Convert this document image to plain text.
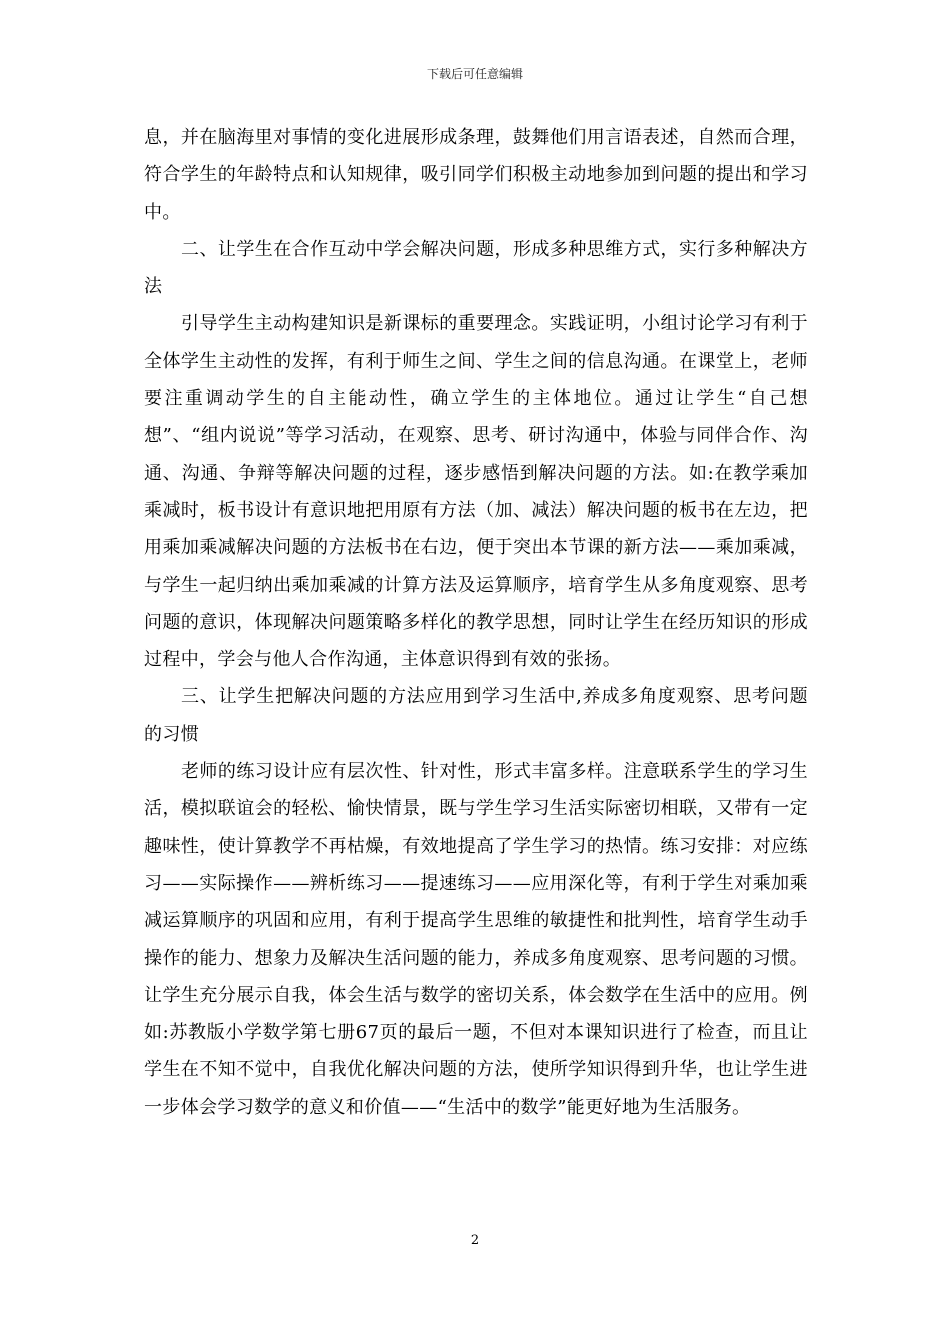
下载后可任意编辑

息，并在脑海里对事情的变化进展形成条理，鼓舞他们用言语表述，自然而合理，符合学生的年龄特点和认知规律，吸引同学们积极主动地参加到问题的提出和学习中。

二、让学生在合作互动中学会解决问题，形成多种思维方式，实行多种解决方法

引导学生主动构建知识是新课标的重要理念。实践证明，小组讨论学习有利于全体学生主动性的发挥，有利于师生之间、学生之间的信息沟通。在课堂上，老师要注重调动学生的自主能动性，确立学生的主体地位。通过让学生“自己想想”、“组内说说”等学习活动，在观察、思考、研讨沟通中，体验与同伴合作、沟通、沟通、争辩等解决问题的过程，逐步感悟到解决问题的方法。如:在教学乘加乘减时，板书设计有意识地把用原有方法（加、减法）解决问题的板书在左边，把用乘加乘减解决问题的方法板书在右边，便于突出本节课的新方法——乘加乘减，与学生一起归纳出乘加乘减的计算方法及运算顺序，培育学生从多角度观察、思考问题的意识，体现解决问题策略多样化的教学思想，同时让学生在经历知识的形成过程中，学会与他人合作沟通，主体意识得到有效的张扬。

三、让学生把解决问题的方法应用到学习生活中,养成多角度观察、思考问题的习惯

老师的练习设计应有层次性、针对性，形式丰富多样。注意联系学生的学习生活，模拟联谊会的轻松、愉快情景，既与学生学习生活实际密切相联，又带有一定趣味性，使计算教学不再枯燥，有效地提高了学生学习的热情。练习安排：对应练习——实际操作——辨析练习——提速练习——应用深化等，有利于学生对乘加乘减运算顺序的巩固和应用，有利于提高学生思维的敏捷性和批判性，培育学生动手操作的能力、想象力及解决生活问题的能力，养成多角度观察、思考问题的习惯。让学生充分展示自我，体会生活与数学的密切关系，体会数学在生活中的应用。例如:苏教版小学数学第七册67页的最后一题，不但对本课知识进行了检查，而且让学生在不知不觉中，自我优化解决问题的方法，使所学知识得到升华，也让学生进一步体会学习数学的意义和价值——“生活中的数学”能更好地为生活服务。

2
